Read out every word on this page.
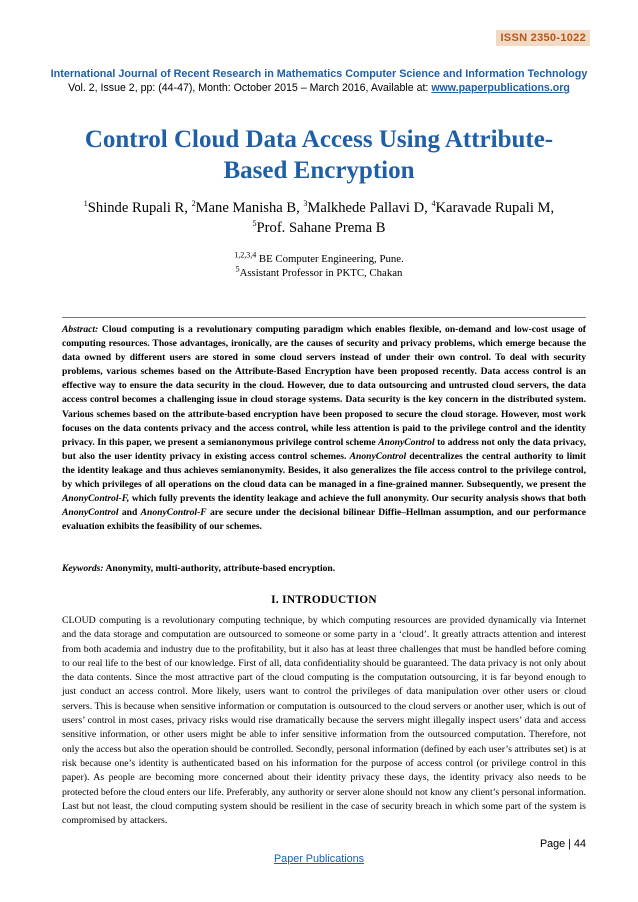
ISSN 2350-1022
International Journal of Recent Research in Mathematics Computer Science and Information Technology
Vol. 2, Issue 2, pp: (44-47), Month: October 2015 – March 2016, Available at: www.paperpublications.org
Control Cloud Data Access Using Attribute-
Based Encryption
$^1$Shinde Rupali R, $^2$Mane Manisha B, $^3$Malkhede Pallavi D, $^4$Karavade Rupali M,
$^5$Prof. Sahane Prema B
$^{1,2,3,4}$ BE Computer Engineering, Pune.
$^5$Assistant Professor in PKTC, Chakan
Abstract: Cloud computing is a revolutionary computing paradigm which enables flexible, on-demand and low-cost usage of computing resources. Those advantages, ironically, are the causes of security and privacy problems, which emerge because the data owned by different users are stored in some cloud servers instead of under their own control. To deal with security problems, various schemes based on the Attribute-Based Encryption have been proposed recently. Data access control is an effective way to ensure the data security in the cloud. However, due to data outsourcing and untrusted cloud servers, the data access control becomes a challenging issue in cloud storage systems. Data security is the key concern in the distributed system. Various schemes based on the attribute-based encryption have been proposed to secure the cloud storage. However, most work focuses on the data contents privacy and the access control, while less attention is paid to the privilege control and the identity privacy. In this paper, we present a semianonymous privilege control scheme AnonyControl to address not only the data privacy, but also the user identity privacy in existing access control schemes. AnonyControl decentralizes the central authority to limit the identity leakage and thus achieves semianonymity. Besides, it also generalizes the file access control to the privilege control, by which privileges of all operations on the cloud data can be managed in a fine-grained manner. Subsequently, we present the AnonyControl-F, which fully prevents the identity leakage and achieve the full anonymity. Our security analysis shows that both AnonyControl and AnonyControl-F are secure under the decisional bilinear Diffie–Hellman assumption, and our performance evaluation exhibits the feasibility of our schemes.
Keywords: Anonymity, multi-authority, attribute-based encryption.
I. INTRODUCTION
CLOUD computing is a revolutionary computing technique, by which computing resources are provided dynamically via Internet and the data storage and computation are outsourced to someone or some party in a ‘cloud’. It greatly attracts attention and interest from both academia and industry due to the profitability, but it also has at least three challenges that must be handled before coming to our real life to the best of our knowledge. First of all, data confidentiality should be guaranteed. The data privacy is not only about the data contents. Since the most attractive part of the cloud computing is the computation outsourcing, it is far beyond enough to just conduct an access control. More likely, users want to control the privileges of data manipulation over other users or cloud servers. This is because when sensitive information or computation is outsourced to the cloud servers or another user, which is out of users’ control in most cases, privacy risks would rise dramatically because the servers might illegally inspect users’ data and access sensitive information, or other users might be able to infer sensitive information from the outsourced computation. Therefore, not only the access but also the operation should be controlled. Secondly, personal information (defined by each user’s attributes set) is at risk because one’s identity is authenticated based on his information for the purpose of access control (or privilege control in this paper). As people are becoming more concerned about their identity privacy these days, the identity privacy also needs to be protected before the cloud enters our life. Preferably, any authority or server alone should not know any client’s personal information. Last but not least, the cloud computing system should be resilient in the case of security breach in which some part of the system is compromised by attackers.
Page | 44
Paper Publications
